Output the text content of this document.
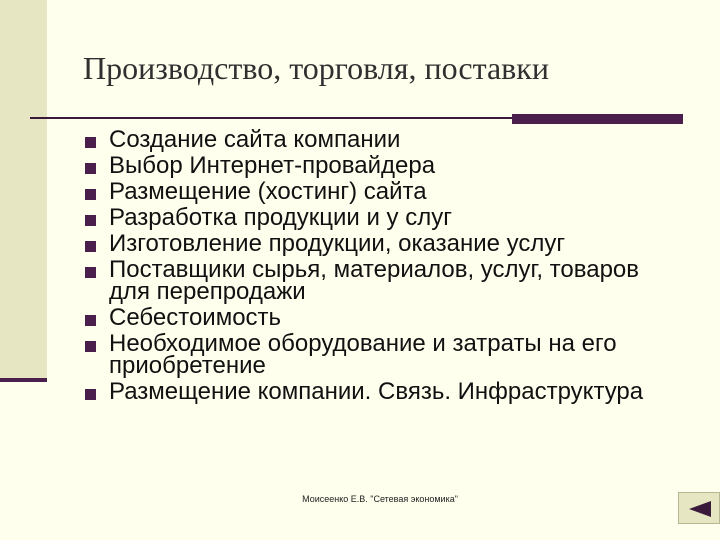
Производство, торговля, поставки
Создание сайта компании
Выбор Интернет-провайдера
Размещение (хостинг) сайта
Разработка продукции и у слуг
Изготовление продукции, оказание услуг
Поставщики сырья, материалов, услуг, товаров для перепродажи
Себестоимость
Необходимое оборудование и затраты на его приобретение
Размещение компании. Связь. Инфраструктура
Моисеенко Е.В. "Сетевая экономика"
